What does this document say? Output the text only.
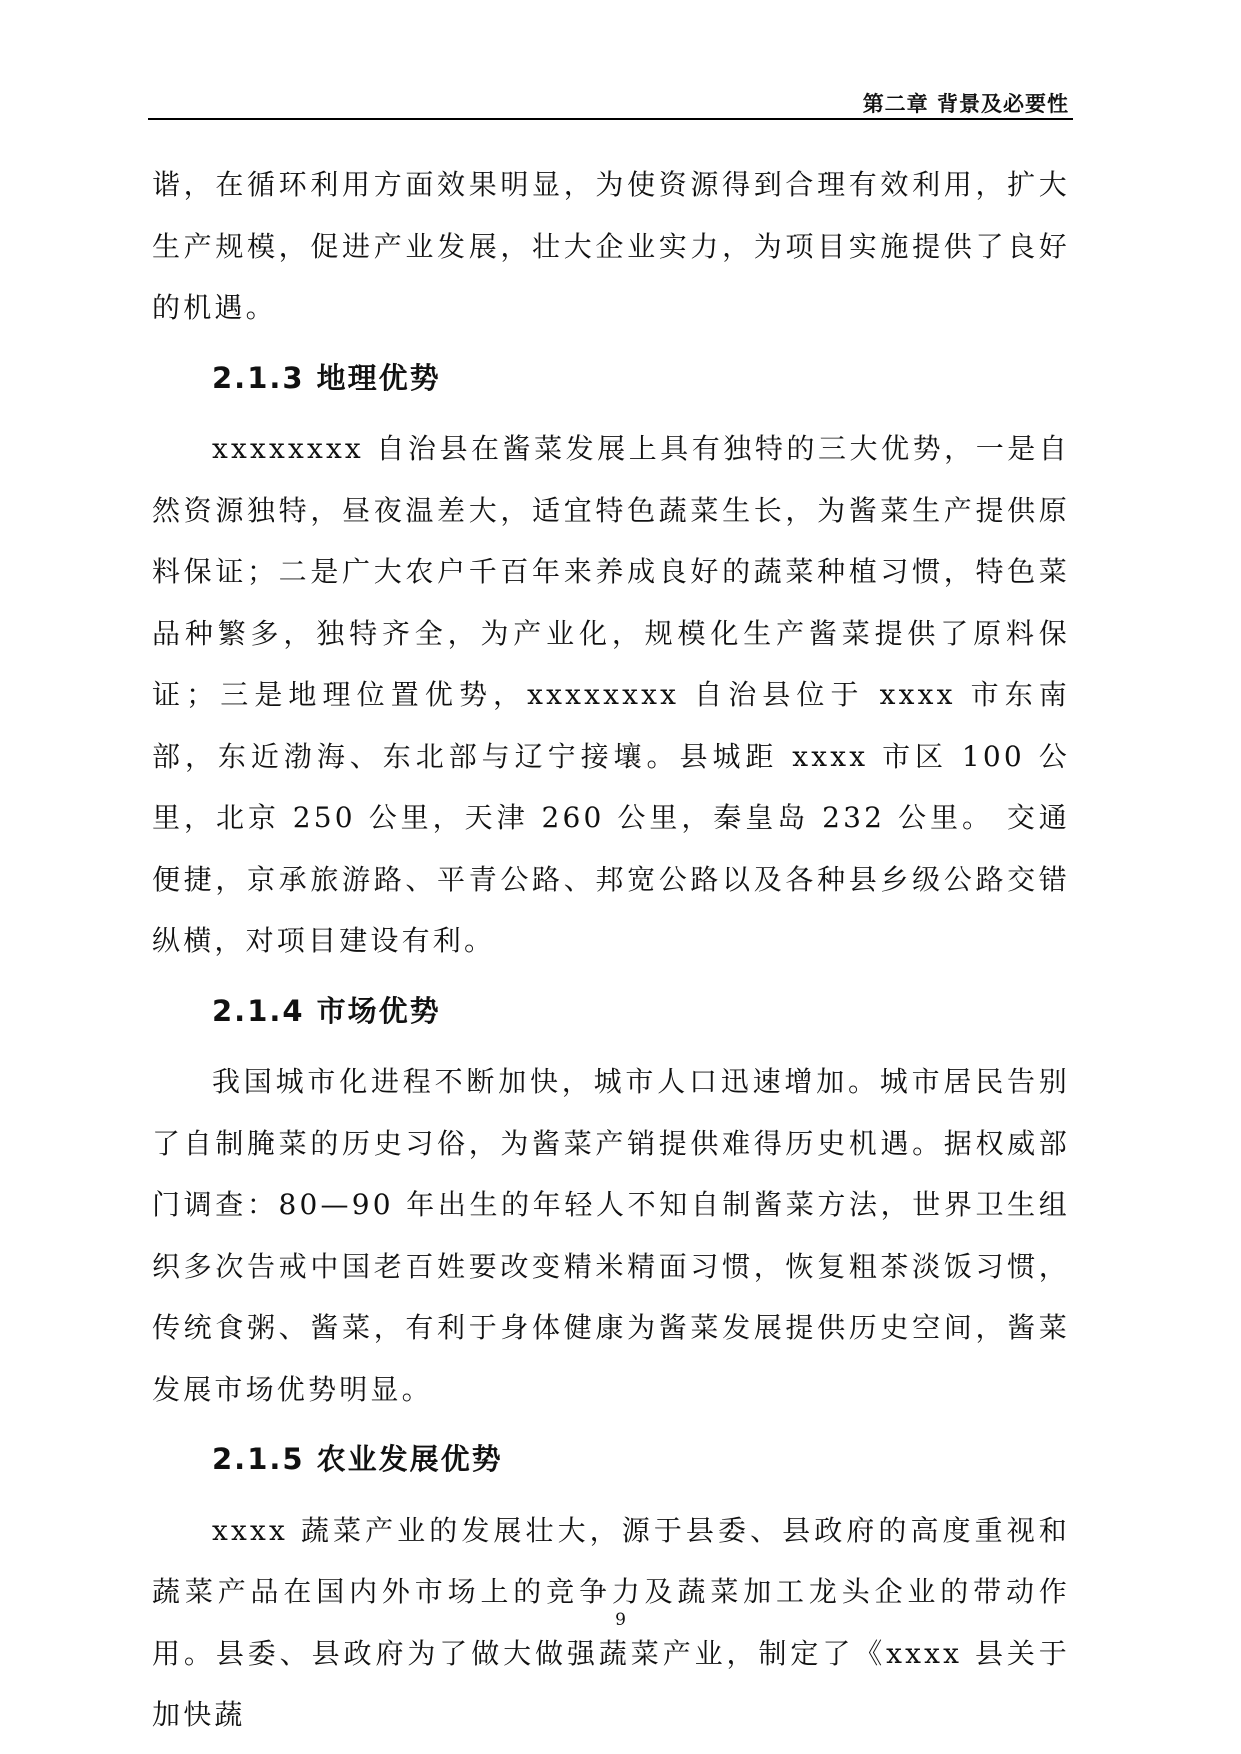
第二章 背景及必要性

谐，在循环利用方面效果明显，为使资源得到合理有效利用，扩大生产规模，促进产业发展，壮大企业实力，为项目实施提供了良好的机遇。

2.1.3 地理优势

xxxxxxxx 自治县在酱菜发展上具有独特的三大优势，一是自然资源独特，昼夜温差大，适宜特色蔬菜生长，为酱菜生产提供原料保证；二是广大农户千百年来养成良好的蔬菜种植习惯，特色菜品种繁多，独特齐全，为产业化，规模化生产酱菜提供了原料保证；三是地理位置优势，xxxxxxxx 自治县位于 xxxx 市东南部，东近渤海、东北部与辽宁接壤。县城距 xxxx 市区 100 公里，北京 250 公里，天津 260 公里，秦皇岛 232 公里。 交通便捷，京承旅游路、平青公路、邦宽公路以及各种县乡级公路交错纵横，对项目建设有利。

2.1.4 市场优势

我国城市化进程不断加快，城市人口迅速增加。城市居民告别了自制腌菜的历史习俗，为酱菜产销提供难得历史机遇。据权威部门调查：80—90 年出生的年轻人不知自制酱菜方法，世界卫生组织多次告戒中国老百姓要改变精米精面习惯，恢复粗茶淡饭习惯，传统食粥、酱菜，有利于身体健康为酱菜发展提供历史空间，酱菜发展市场优势明显。

2.1.5 农业发展优势

xxxx 蔬菜产业的发展壮大，源于县委、县政府的高度重视和蔬菜产品在国内外市场上的竞争力及蔬菜加工龙头企业的带动作用。县委、县政府为了做大做强蔬菜产业，制定了《xxxx 县关于加快蔬

9
